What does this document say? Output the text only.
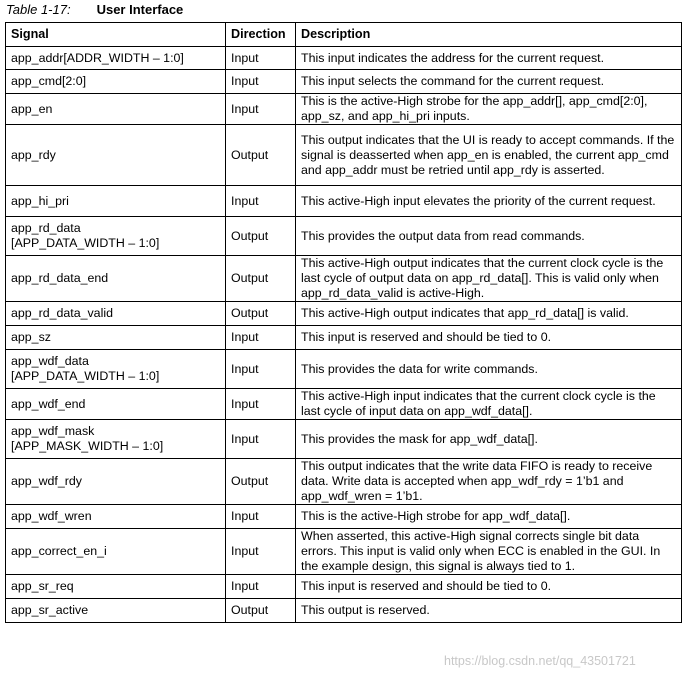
Table 1-17: User Interface
Signal	Direction	Description
app_addr[ADDR_WIDTH – 1:0]	Input	This input indicates the address for the current request.
app_cmd[2:0]	Input	This input selects the command for the current request.
app_en	Input	This is the active-High strobe for the app_addr[], app_cmd[2:0], app_sz, and app_hi_pri inputs.
app_rdy	Output	This output indicates that the UI is ready to accept commands. If the signal is deasserted when app_en is enabled, the current app_cmd and app_addr must be retried until app_rdy is asserted.
app_hi_pri	Input	This active-High input elevates the priority of the current request.
app_rd_data
[APP_DATA_WIDTH – 1:0]	Output	This provides the output data from read commands.
app_rd_data_end	Output	This active-High output indicates that the current clock cycle is the last cycle of output data on app_rd_data[]. This is valid only when app_rd_data_valid is active-High.
app_rd_data_valid	Output	This active-High output indicates that app_rd_data[] is valid.
app_sz	Input	This input is reserved and should be tied to 0.
app_wdf_data
[APP_DATA_WIDTH – 1:0]	Input	This provides the data for write commands.
app_wdf_end	Input	This active-High input indicates that the current clock cycle is the last cycle of input data on app_wdf_data[].
app_wdf_mask
[APP_MASK_WIDTH – 1:0]	Input	This provides the mask for app_wdf_data[].
app_wdf_rdy	Output	This output indicates that the write data FIFO is ready to receive data. Write data is accepted when app_wdf_rdy = 1’b1 and app_wdf_wren = 1’b1.
app_wdf_wren	Input	This is the active-High strobe for app_wdf_data[].
app_correct_en_i	Input	When asserted, this active-High signal corrects single bit data errors. This input is valid only when ECC is enabled in the GUI. In the example design, this signal is always tied to 1.
app_sr_req	Input	This input is reserved and should be tied to 0.
app_sr_active	Output	This output is reserved.
https://blog.csdn.net/qq_43501721
